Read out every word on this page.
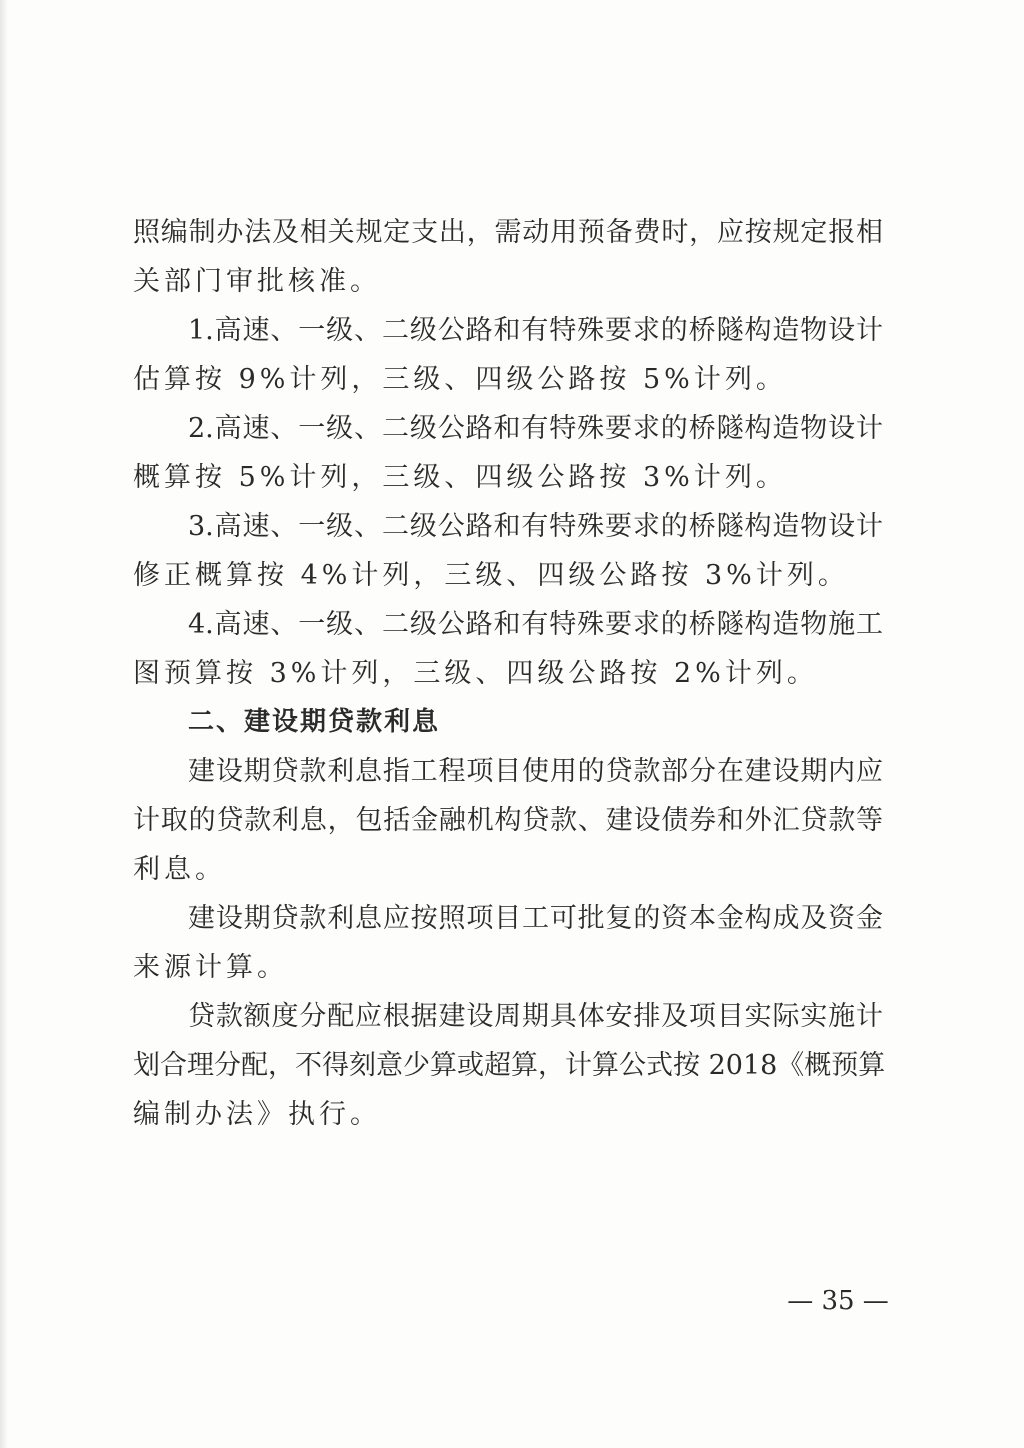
照编制办法及相关规定支出，需动用预备费时，应按规定报相
关部门审批核准。
1.高速、一级、二级公路和有特殊要求的桥隧构造物设计
估算按 9%计列，三级、四级公路按 5%计列。
2.高速、一级、二级公路和有特殊要求的桥隧构造物设计
概算按 5%计列，三级、四级公路按 3%计列。
3.高速、一级、二级公路和有特殊要求的桥隧构造物设计
修正概算按 4%计列，三级、四级公路按 3%计列。
4.高速、一级、二级公路和有特殊要求的桥隧构造物施工
图预算按 3%计列，三级、四级公路按 2%计列。
二、建设期贷款利息
建设期贷款利息指工程项目使用的贷款部分在建设期内应
计取的贷款利息，包括金融机构贷款、建设债券和外汇贷款等
利息。
建设期贷款利息应按照项目工可批复的资本金构成及资金
来源计算。
贷款额度分配应根据建设周期具体安排及项目实际实施计
划合理分配，不得刻意少算或超算，计算公式按 2018《概预算
编制办法》执行。
— 35 —
